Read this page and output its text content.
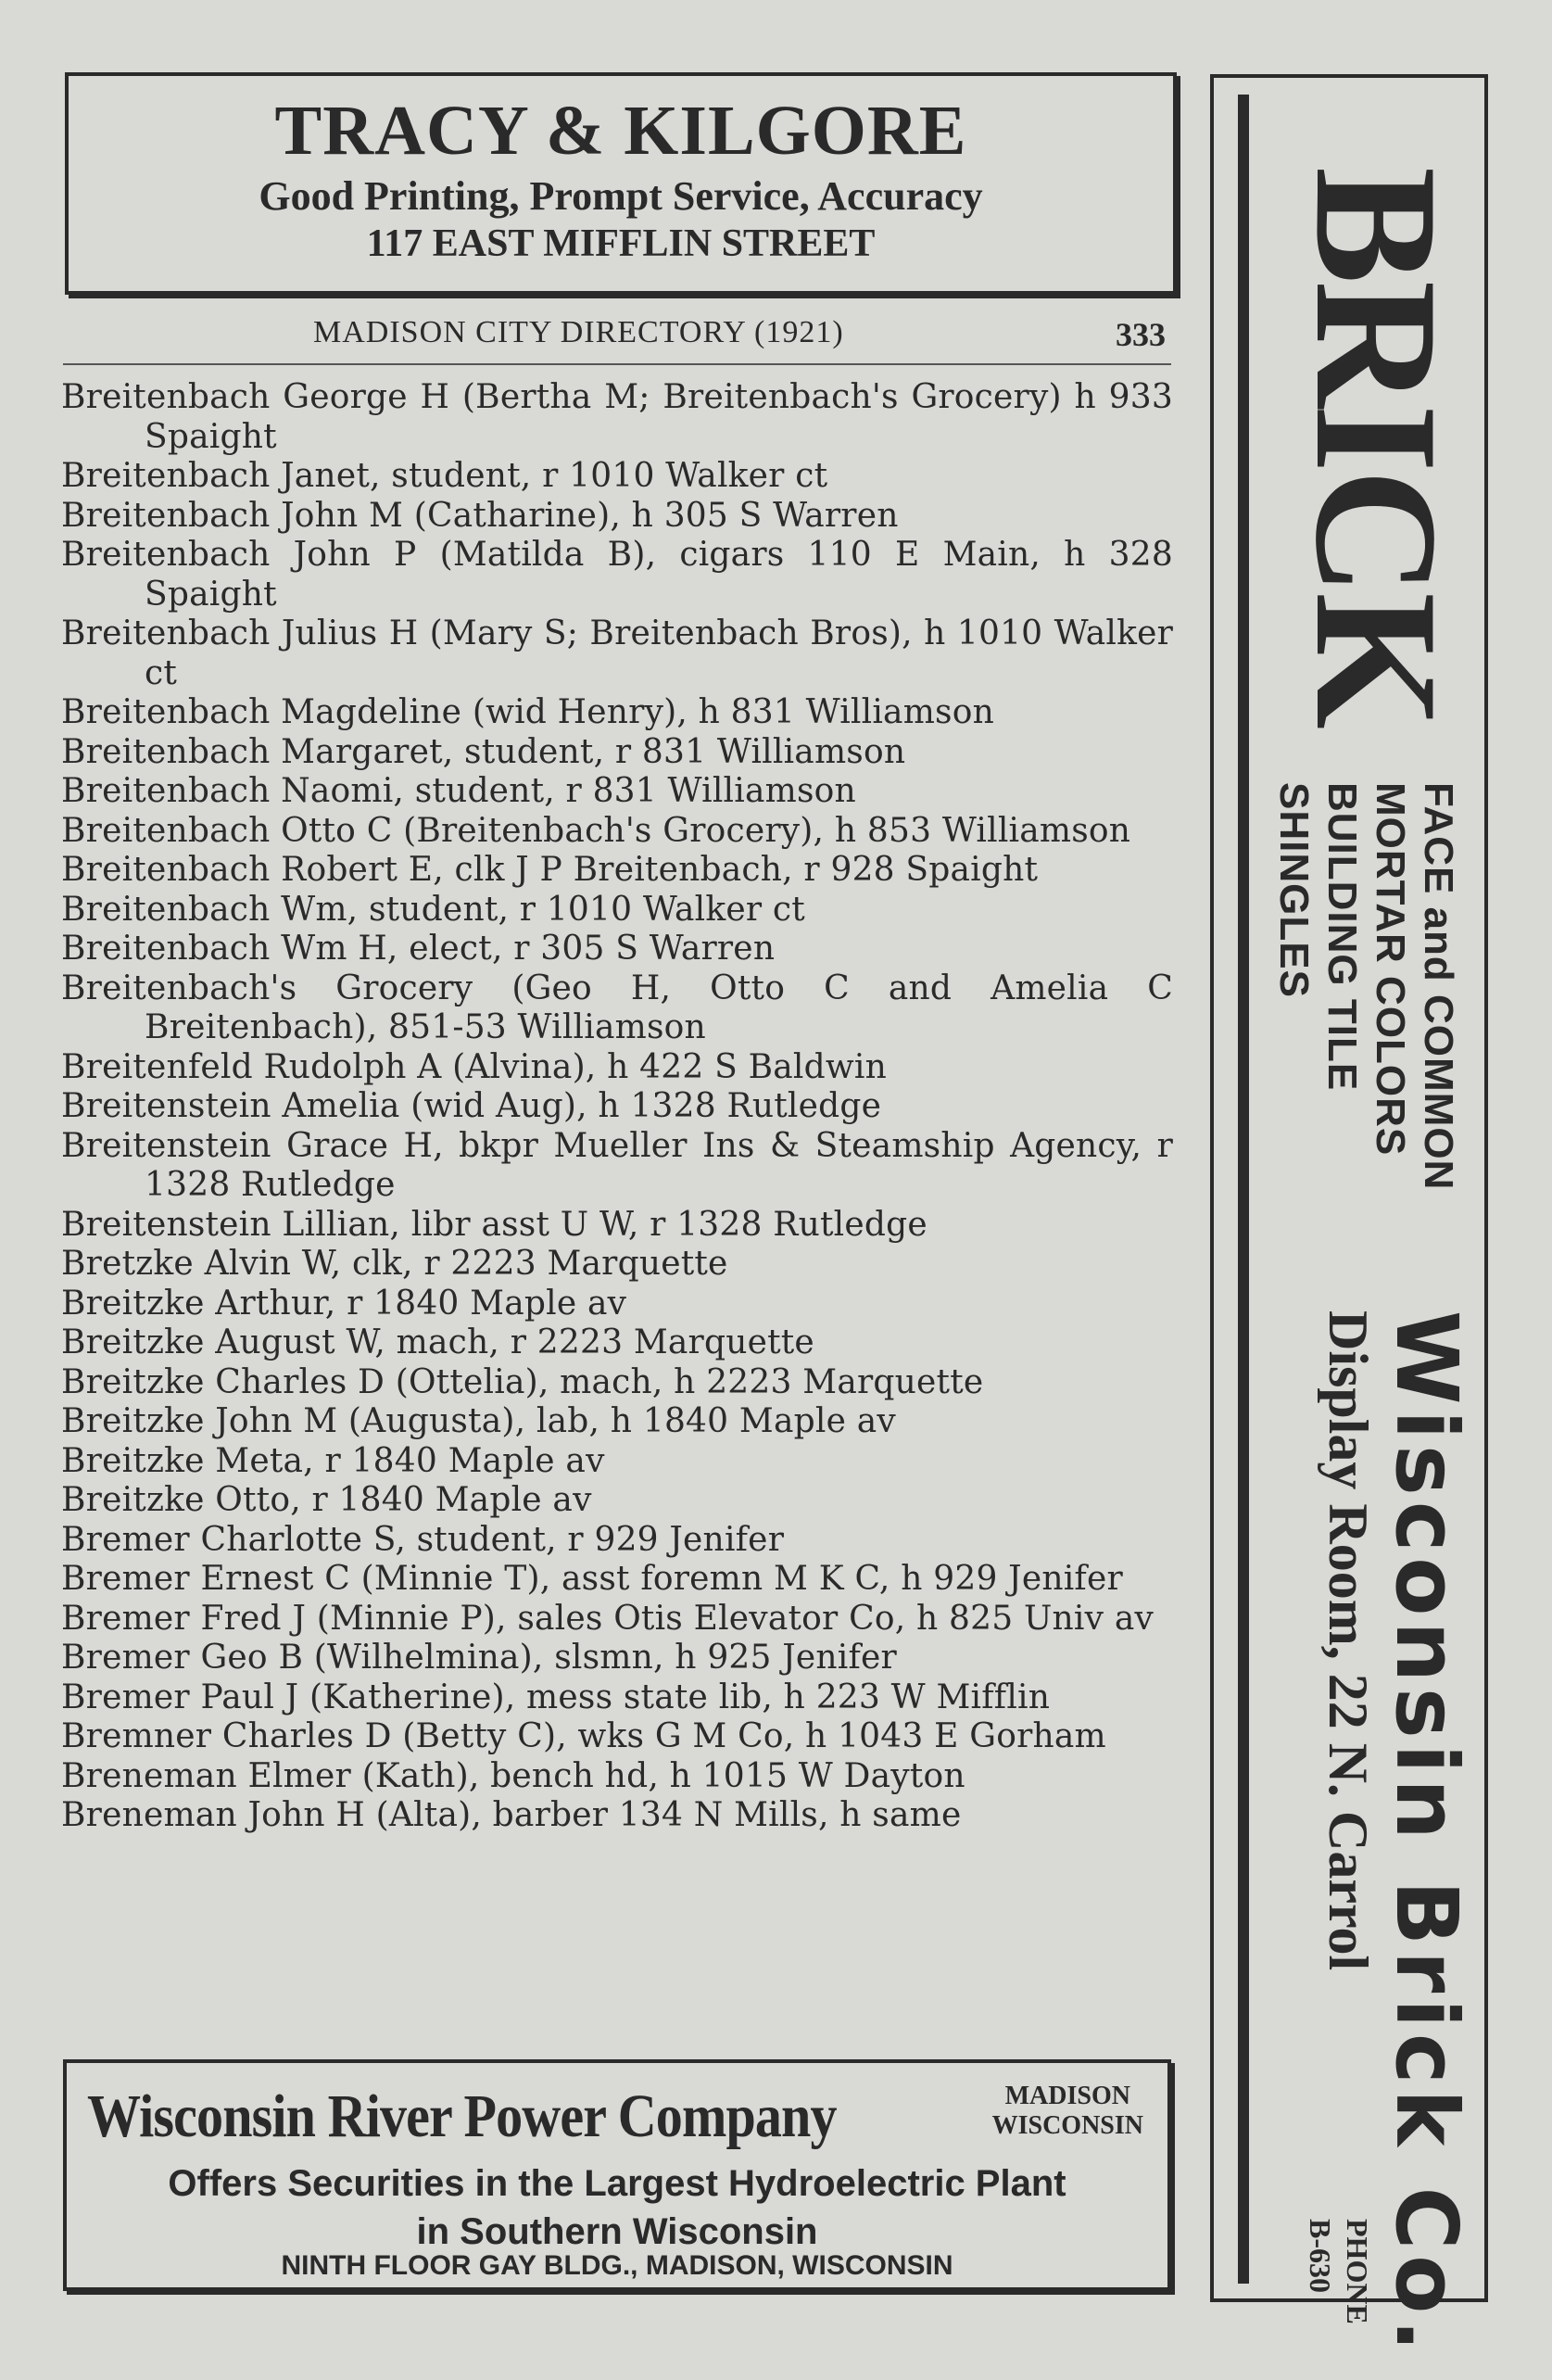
TRACY & KILGORE
Good Printing, Prompt Service, Accuracy
117 EAST MIFFLIN STREET
MADISON CITY DIRECTORY (1921)	333
Breitenbach George H (Bertha M; Breitenbach's Grocery) h 933 Spaight
Breitenbach Janet, student, r 1010 Walker ct
Breitenbach John M (Catharine), h 305 S Warren
Breitenbach John P (Matilda B), cigars 110 E Main, h 328 Spaight
Breitenbach Julius H (Mary S; Breitenbach Bros), h 1010 Walker ct
Breitenbach Magdeline (wid Henry), h 831 Williamson
Breitenbach Margaret, student, r 831 Williamson
Breitenbach Naomi, student, r 831 Williamson
Breitenbach Otto C (Breitenbach's Grocery), h 853 Williamson
Breitenbach Robert E, clk J P Breitenbach, r 928 Spaight
Breitenbach Wm, student, r 1010 Walker ct
Breitenbach Wm H, elect, r 305 S Warren
Breitenbach's Grocery (Geo H, Otto C and Amelia C Breitenbach), 851-53 Williamson
Breitenfeld Rudolph A (Alvina), h 422 S Baldwin
Breitenstein Amelia (wid Aug), h 1328 Rutledge
Breitenstein Grace H, bkpr Mueller Ins & Steamship Agency, r 1328 Rutledge
Breitenstein Lillian, libr asst U W, r 1328 Rutledge
Bretzke Alvin W, clk, r 2223 Marquette
Breitzke Arthur, r 1840 Maple av
Breitzke August W, mach, r 2223 Marquette
Breitzke Charles D (Ottelia), mach, h 2223 Marquette
Breitzke John M (Augusta), lab, h 1840 Maple av
Breitzke Meta, r 1840 Maple av
Breitzke Otto, r 1840 Maple av
Bremer Charlotte S, student, r 929 Jenifer
Bremer Ernest C (Minnie T), asst foremn M K C, h 929 Jenifer
Bremer Fred J (Minnie P), sales Otis Elevator Co, h 825 Univ av
Bremer Geo B (Wilhelmina), slsmn, h 925 Jenifer
Bremer Paul J (Katherine), mess state lib, h 223 W Mifflin
Bremner Charles D (Betty C), wks G M Co, h 1043 E Gorham
Breneman Elmer (Kath), bench hd, h 1015 W Dayton
Breneman John H (Alta), barber 134 N Mills, h same
Wisconsin River Power Company	MADISON
WISCONSIN
Offers Securities in the Largest Hydroelectric Plant
in Southern Wisconsin
NINTH FLOOR GAY BLDG., MADISON, WISCONSIN
BRICK
FACE and COMMON
MORTAR COLORS
BUILDING TILE
SHINGLES
Wisconsin Brick Co.
Display Room, 22 N. Carrol
PHONE
B-630
